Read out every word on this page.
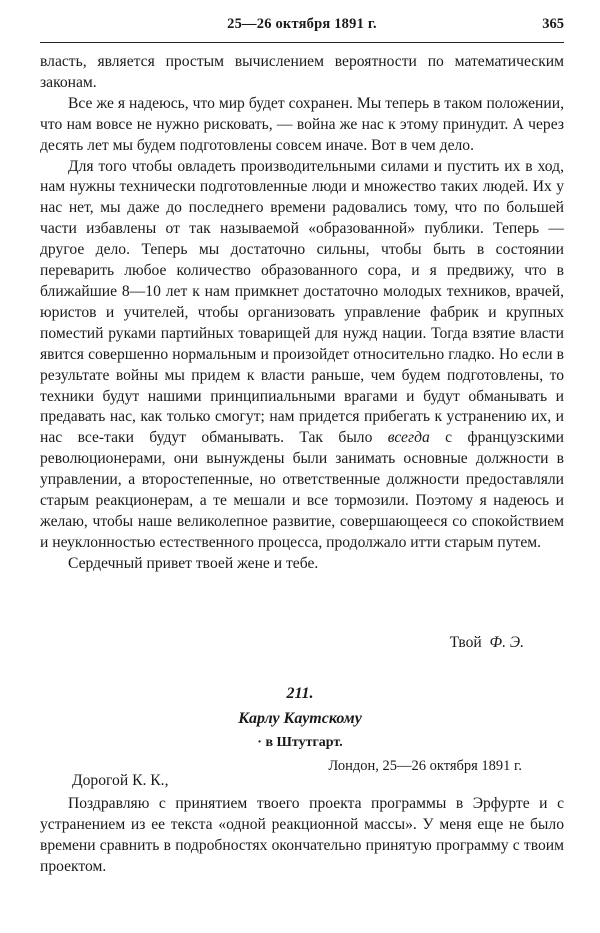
25—26 октября 1891 г.	365

власть, является простым вычислением вероятности по математическим законам.

Все же я надеюсь, что мир будет сохранен. Мы теперь в таком положении, что нам вовсе не нужно рисковать, — война же нас к этому принудит. А через десять лет мы будем подготовлены совсем иначе. Вот в чем дело.

Для того чтобы овладеть производительными силами и пустить их в ход, нам нужны технически подготовленные люди и множество таких людей. Их у нас нет, мы даже до последнего времени радовались тому, что по большей части избавлены от так называемой «образованной» публики. Теперь — другое дело. Теперь мы достаточно сильны, чтобы быть в состоянии переварить любое количество образованного сора, и я предвижу, что в ближайшие 8—10 лет к нам примкнет достаточно молодых техников, врачей, юристов и учителей, чтобы организовать управление фабрик и крупных поместий руками партийных товарищей для нужд нации. Тогда взятие власти явится совершенно нормальным и произойдет относительно гладко. Но если в результате войны мы придем к власти раньше, чем будем подготовлены, то техники будут нашими принципиальными врагами и будут обманывать и предавать нас, как только смогут; нам придется прибегать к устранению их, и нас все-таки будут обманывать. Так было всегда с французскими революционерами, они вынуждены были занимать основные должности в управлении, а второстепенные, но ответственные должности предоставляли старым реакционерам, а те мешали и все тормозили. Поэтому я надеюсь и желаю, чтобы наше великолепное развитие, совершающееся со спокойствием и неуклонностью естественного процесса, продолжало итти старым путем.

Сердечный привет твоей жене и тебе.

Твой Ф. Э.
211.
Карлу Каутскому
· в Штутгарт.
Лондон, 25—26 октября 1891 г.
Дорогой К. К.,

Поздравляю с принятием твоего проекта программы в Эрфурте и с устранением из ее текста «одной реакционной массы». У меня еще не было времени сравнить в подробностях окончательно принятую программу с твоим проектом.
